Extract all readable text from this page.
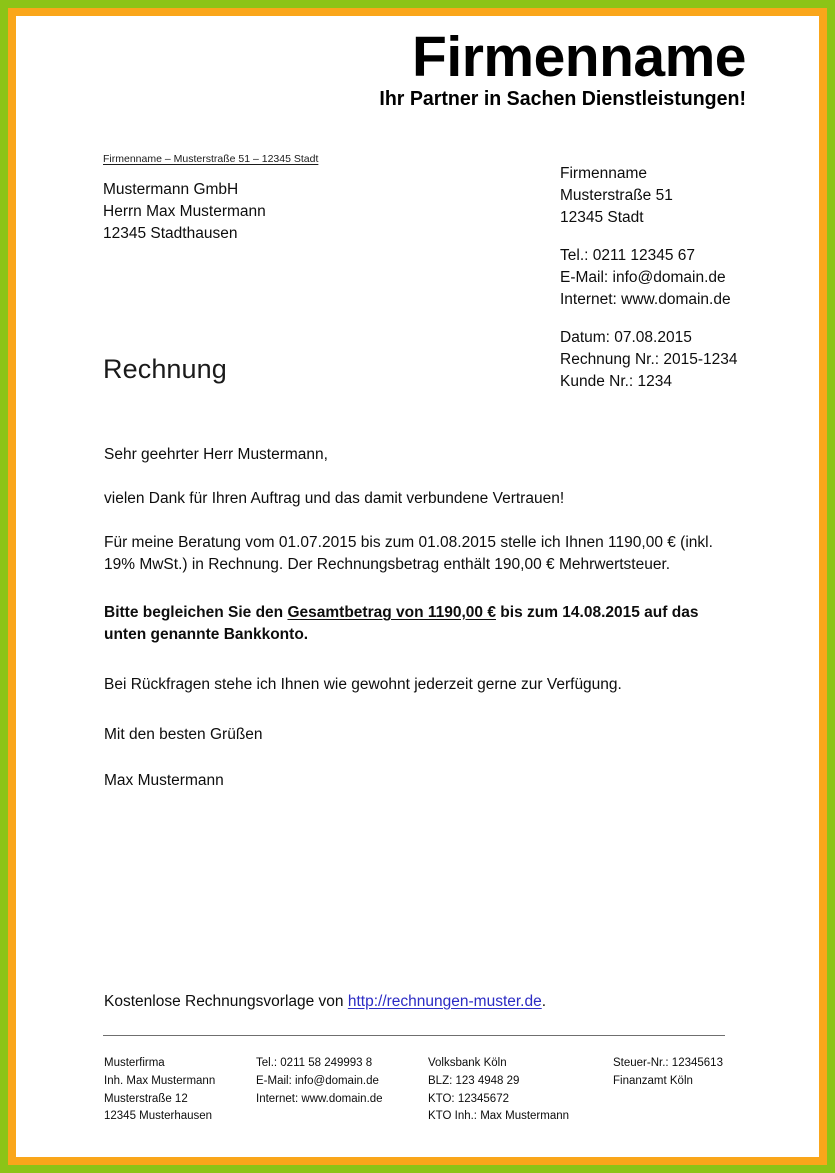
Firmenname
Ihr Partner in Sachen Dienstleistungen!
Firmenname – Musterstraße 51 – 12345 Stadt
Mustermann GmbH
Herrn Max Mustermann
12345 Stadthausen
Firmenname
Musterstraße 51
12345 Stadt
Tel.: 0211 12345 67
E-Mail: info@domain.de
Internet: www.domain.de
Datum: 07.08.2015
Rechnung Nr.: 2015-1234
Kunde Nr.: 1234
Rechnung

Sehr geehrter Herr Mustermann,

vielen Dank für Ihren Auftrag und das damit verbundene Vertrauen!

Für meine Beratung vom 01.07.2015 bis zum 01.08.2015 stelle ich Ihnen 1190,00 € (inkl. 19% MwSt.) in Rechnung. Der Rechnungsbetrag enthält 190,00 € Mehrwertsteuer.

Bitte begleichen Sie den Gesamtbetrag von 1190,00 € bis zum 14.08.2015 auf das unten genannte Bankkonto.

Bei Rückfragen stehe ich Ihnen wie gewohnt jederzeit gerne zur Verfügung.

Mit den besten Grüßen

Max Mustermann

Kostenlose Rechnungsvorlage von http://rechnungen-muster.de.
Musterfirma
Inh. Max Mustermann
Musterstraße 12
12345 Musterhausen
Tel.: 0211 58 249993 8
E-Mail: info@domain.de
Internet: www.domain.de
Volksbank Köln
BLZ: 123 4948 29
KTO: 12345672
KTO Inh.: Max Mustermann
Steuer-Nr.: 12345613
Finanzamt Köln
